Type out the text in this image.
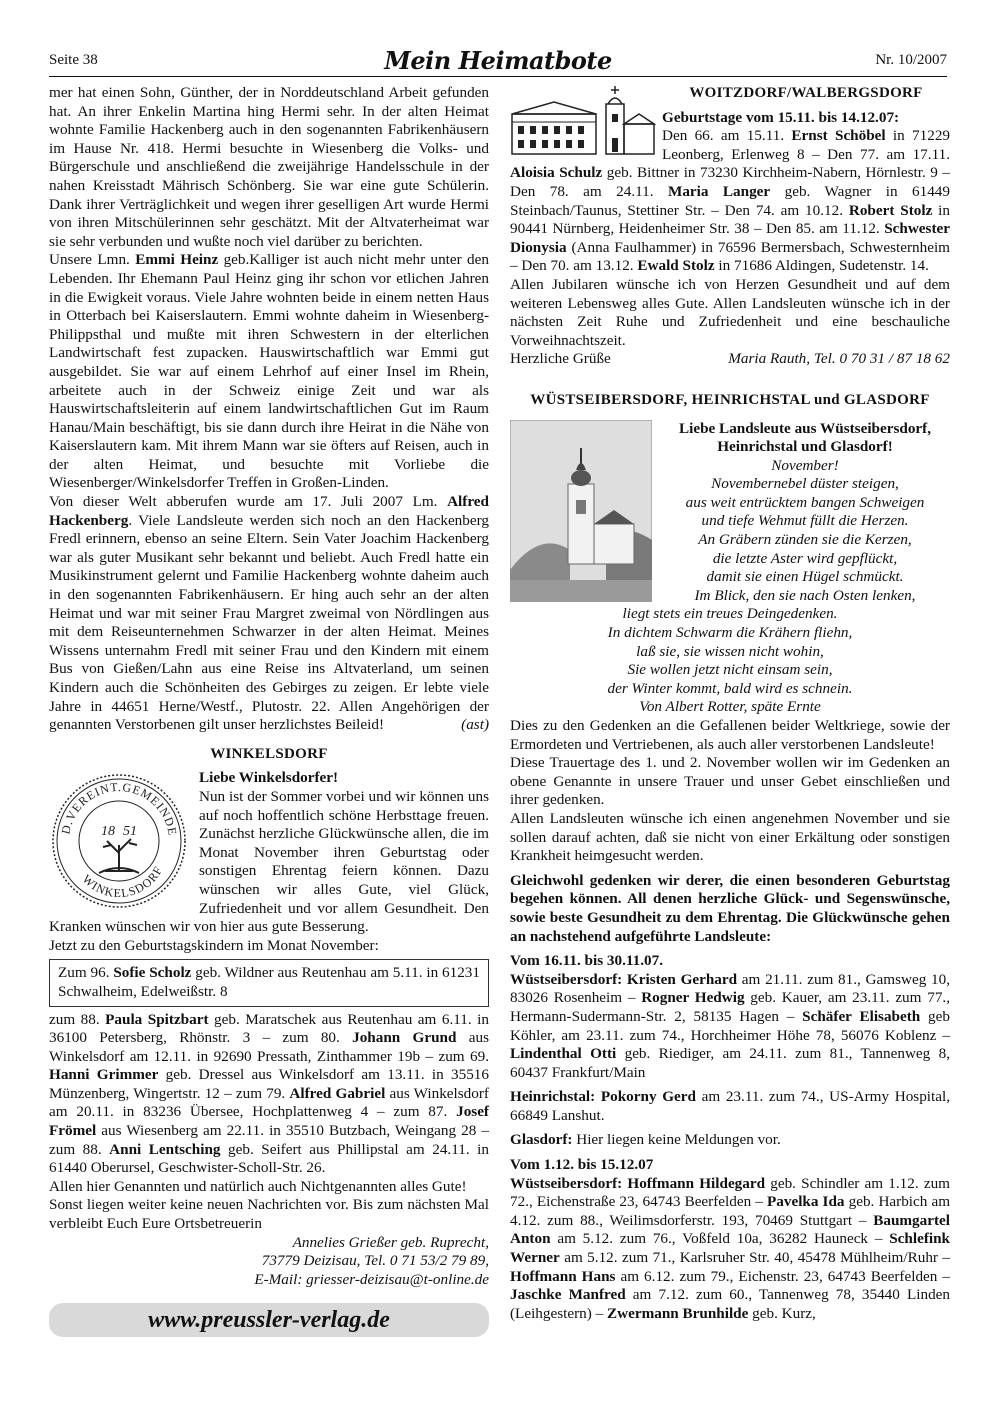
Seite 38	Mein Heimatbote	Nr. 10/2007

mer hat einen Sohn, Günther, der in Norddeutschland Arbeit gefunden hat. An ihrer Enkelin Martina hing Hermi sehr. In der alten Heimat wohnte Familie Hackenberg auch in den sogenannten Fabrikenhäusern im Hause Nr. 418. Hermi besuchte in Wiesenberg die Volks- und Bürgerschule und anschließend die zweijährige Handelsschule in der nahen Kreisstadt Mährisch Schönberg. Sie war eine gute Schülerin. Dank ihrer Verträglichkeit und wegen ihrer geselligen Art wurde Hermi von ihren Mitschülerinnen sehr geschätzt. Mit der Altvaterheimat war sie sehr verbunden und wußte noch viel darüber zu berichten.

Unsere Lmn. Emmi Heinz geb.Kalliger ist auch nicht mehr unter den Lebenden. Ihr Ehemann Paul Heinz ging ihr schon vor etlichen Jahren in die Ewigkeit voraus. Viele Jahre wohnten beide in einem netten Haus in Otterbach bei Kaiserslautern. Emmi wohnte daheim in Wiesenberg-Philippsthal und mußte mit ihren Schwestern in der elterlichen Landwirtschaft fest zupacken. Hauswirtschaftlich war Emmi gut ausgebildet. Sie war auf einem Lehrhof auf einer Insel im Rhein, arbeitete auch in der Schweiz einige Zeit und war als Hauswirtschaftsleiterin auf einem landwirtschaftlichen Gut im Raum Hanau/Main beschäftigt, bis sie dann durch ihre Heirat in die Nähe von Kaiserslautern kam. Mit ihrem Mann war sie öfters auf Reisen, auch in der alten Heimat, und besuchte mit Vorliebe die Wiesenberger/Winkelsdorfer Treffen in Großen-Linden.

Von dieser Welt abberufen wurde am 17. Juli 2007 Lm. Alfred Hackenberg. Viele Landsleute werden sich noch an den Hackenberg Fredl erinnern, ebenso an seine Eltern. Sein Vater Joachim Hackenberg war als guter Musikant sehr bekannt und beliebt. Auch Fredl hatte ein Musikinstrument gelernt und Familie Hackenberg wohnte daheim auch in den sogenannten Fabrikenhäusern. Er hing auch sehr an der alten Heimat und war mit seiner Frau Margret zweimal von Nördlingen aus mit dem Reiseunternehmen Schwarzer in der alten Heimat. Meines Wissens unternahm Fredl mit seiner Frau und den Kindern mit einem Bus von Gießen/Lahn aus eine Reise ins Altvaterland, um seinen Kindern auch die Schönheiten des Gebirges zu zeigen. Er lebte viele Jahre in 44651 Herne/Westf., Plutostr. 22. Allen Angehörigen der genannten Verstorbenen gilt unser herzlichstes Beileid!	(ast)

WINKELSDORF

D.VEREINT.GEMEINDE
WINKELSDORF
18 51

Liebe Winkelsdorfer!

Nun ist der Sommer vorbei und wir können uns auf noch hoffentlich schöne Herbsttage freuen. Zunächst herzliche Glückwünsche allen, die im Monat November ihren Geburtstag oder sonstigen Ehrentag feiern können. Dazu wünschen wir alles Gute, viel Glück, Zufriedenheit und vor allem Gesundheit. Den Kranken wünschen wir von hier aus gute Besserung.

Jetzt zu den Geburtstagskindern im Monat November:

Zum 96. Sofie Scholz geb. Wildner aus Reutenhau am 5.11. in 61231 Schwalheim, Edelweißstr. 8

zum 88. Paula Spitzbart geb. Maratschek aus Reutenhau am 6.11. in 36100 Petersberg, Rhönstr. 3 – zum 80. Johann Grund aus Winkelsdorf am 12.11. in 92690 Pressath, Zinthammer 19b – zum 69. Hanni Grimmer geb. Dressel aus Winkelsdorf am 13.11. in 35516 Münzenberg, Wingertstr. 12 – zum 79. Alfred Gabriel aus Winkelsdorf am 20.11. in 83236 Übersee, Hochplattenweg 4 – zum 87. Josef Frömel aus Wiesenberg am 22.11. in 35510 Butzbach, Weingang 28 – zum 88. Anni Lentsching geb. Seifert aus Phillipstal am 24.11. in 61440 Oberursel, Geschwister-Scholl-Str. 26.

Allen hier Genannten und natürlich auch Nichtgenannten alles Gute!

Sonst liegen weiter keine neuen Nachrichten vor. Bis zum nächsten Mal verbleibt Euch Eure Ortsbetreuerin

Annelies Grießer geb. Ruprecht,

73779 Deizisau, Tel. 0 71 53/2 79 89,

E-Mail: griesser-deizisau@t-online.de

www.preussler-verlag.de

WOITZDORF/WALBERGSDORF

Geburtstage vom 15.11. bis 14.12.07:

Den 66. am 15.11. Ernst Schöbel in 71229 Leonberg, Erlenweg 8 – Den 77. am 17.11. Aloisia Schulz geb. Bittner in 73230 Kirchheim-Nabern, Hörnlestr. 9 – Den 78. am 24.11. Maria Langer geb. Wagner in 61449 Steinbach/Taunus, Stettiner Str. – Den 74. am 10.12. Robert Stolz in 90441 Nürnberg, Heidenheimer Str. 38 – Den 85. am 11.12. Schwester Dionysia (Anna Faulhammer) in 76596 Bermersbach, Schwesternheim – Den 70. am 13.12. Ewald Stolz in 71686 Aldingen, Sudetenstr. 14.

Allen Jubilaren wünsche ich von Herzen Gesundheit und auf dem weiteren Lebensweg alles Gute. Allen Landsleuten wünsche ich in der nächsten Zeit Ruhe und Zufriedenheit und eine beschauliche Vorweihnachtszeit.

Herzliche Grüße	Maria Rauth, Tel. 0 70 31 / 87 18 62

WÜSTSEIBERSDORF, HEINRICHSTAL und GLASDORF

Liebe Landsleute aus Wüstseibersdorf,
Heinrichstal und Glasdorf!

November!

Novembernebel düster steigen,

aus weit entrücktem bangen Schweigen

und tiefe Wehmut füllt die Herzen.

An Gräbern zünden sie die Kerzen,

die letzte Aster wird gepflückt,

damit sie einen Hügel schmückt.

Im Blick, den sie nach Osten lenken,

liegt stets ein treues Deingedenken.

In dichtem Schwarm die Krähern fliehn,

laß sie, sie wissen nicht wohin,

Sie wollen jetzt nicht einsam sein,

der Winter kommt, bald wird es schnein.

Von Albert Rotter, späte Ernte

Dies zu den Gedenken an die Gefallenen beider Weltkriege, sowie der Ermordeten und Vertriebenen, als auch aller verstorbenen Landsleute!

Diese Trauertage des 1. und 2. November wollen wir im Gedenken an obene Genannte in unsere Trauer und unser Gebet einschließen und ihrer gedenken.

Allen Landsleuten wünsche ich einen angenehmen November und sie sollen darauf achten, daß sie nicht von einer Erkältung oder sonstigen Krankheit heimgesucht werden.

Gleichwohl gedenken wir derer, die einen besonderen Geburtstag begehen können. All denen herzliche Glück- und Segenswünsche, sowie beste Gesundheit zu dem Ehrentag. Die Glückwünsche gehen an nachstehend aufgeführte Landsleute:

Vom 16.11. bis 30.11.07.

Wüstseibersdorf: Kristen Gerhard am 21.11. zum 81., Gamsweg 10, 83026 Rosenheim – Rogner Hedwig geb. Kauer, am 23.11. zum 77., Hermann-Sudermann-Str. 2, 58135 Hagen – Schäfer Elisabeth geb Köhler, am 23.11. zum 74., Horchheimer Höhe 78, 56076 Koblenz – Lindenthal Otti geb. Riediger, am 24.11. zum 81., Tannenweg 8, 60437 Frankfurt/Main

Heinrichstal: Pokorny Gerd am 23.11. zum 74., US-Army Hospital, 66849 Lanshut.

Glasdorf: Hier liegen keine Meldungen vor.

Vom 1.12. bis 15.12.07

Wüstseibersdorf: Hoffmann Hildegard geb. Schindler am 1.12. zum 72., Eichenstraße 23, 64743 Beerfelden – Pavelka Ida geb. Harbich am 4.12. zum 88., Weilimsdorferstr. 193, 70469 Stuttgart – Baumgartel Anton am 5.12. zum 76., Voßfeld 10a, 36282 Hauneck – Schlefink Werner am 5.12. zum 71., Karlsruher Str. 40, 45478 Mühlheim/Ruhr – Hoffmann Hans am 6.12. zum 79., Eichenstr. 23, 64743 Beerfelden – Jaschke Manfred am 7.12. zum 60., Tannenweg 78, 35440 Linden (Leihgestern) – Zwermann Brunhilde geb. Kurz,
